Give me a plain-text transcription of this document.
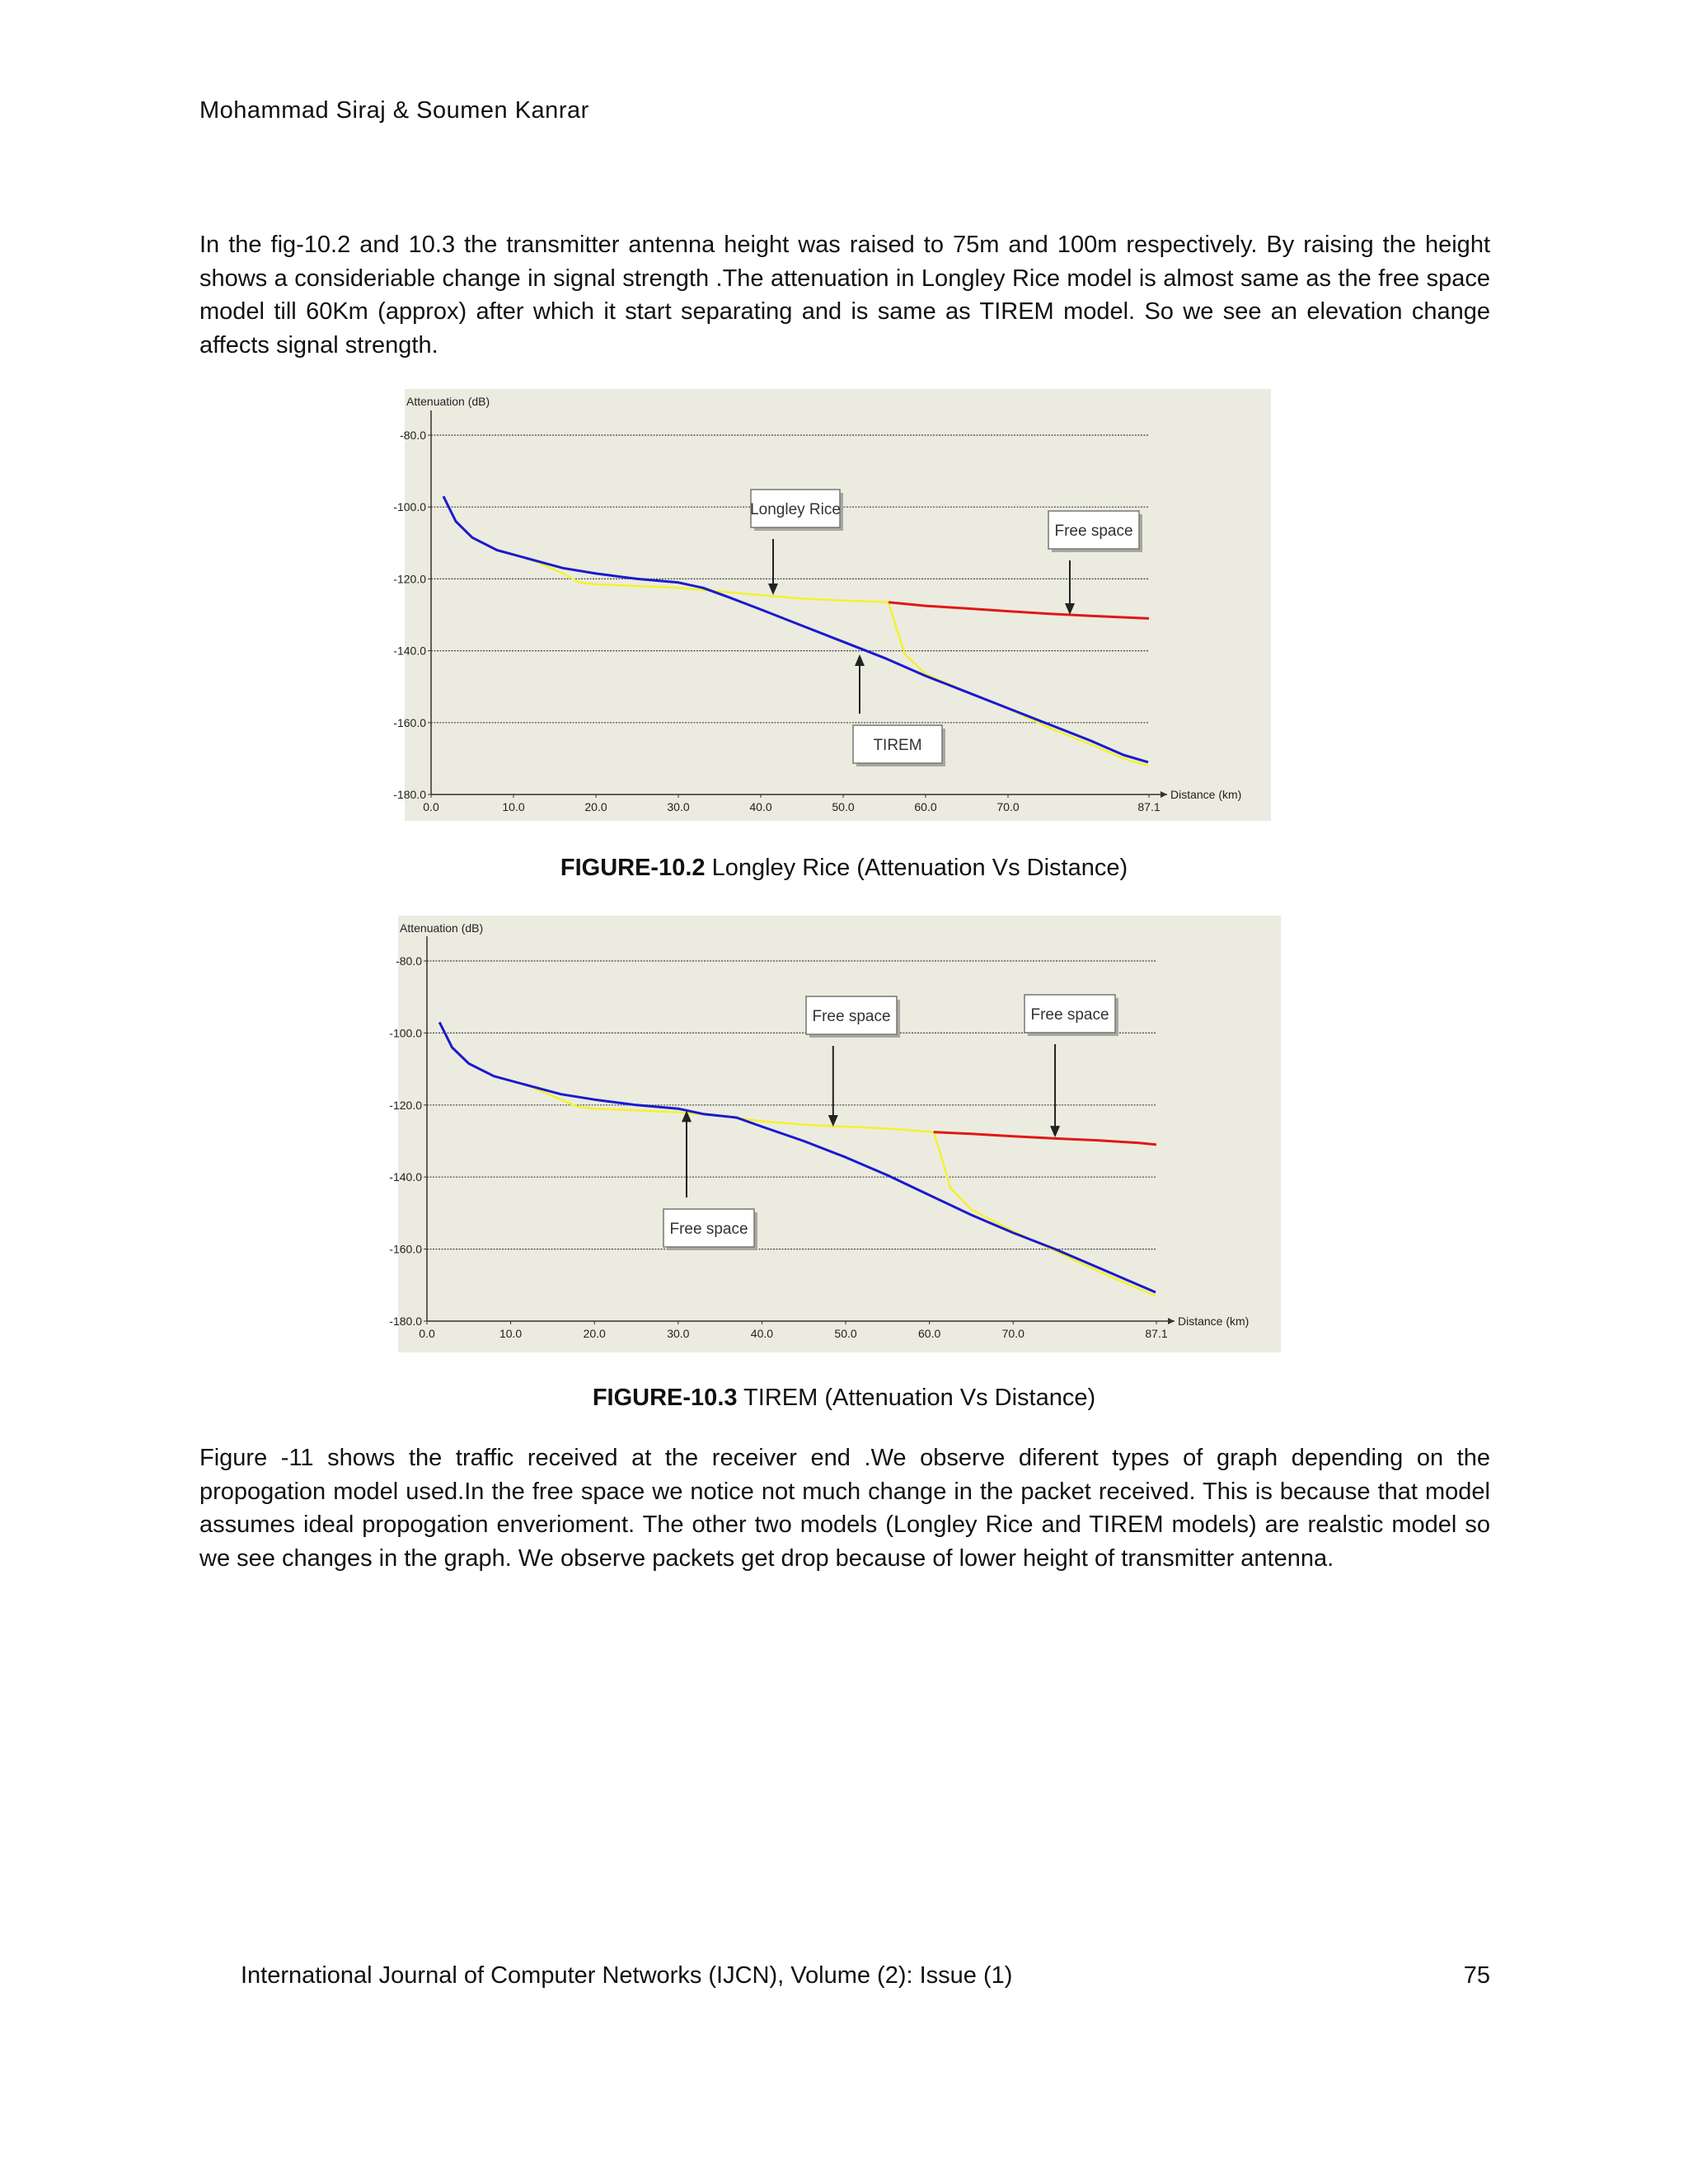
Mohammad Siraj & Soumen Kanrar
In the fig-10.2 and 10.3 the transmitter antenna height was raised to 75m and 100m respectively. By raising the height shows a consideriable change in signal strength .The attenuation in Longley Rice model is almost same as the free space model till 60Km (approx) after which it start separating and is same as TIREM model. So we see an elevation change affects signal strength.
-80.0
-100.0
-120.0
-140.0
-160.0
-180.0
Attenuation (dB)
Distance (km)
0.0	10.0	20.0	30.0	40.0	50.0	60.0	70.0	87.1
Longley Rice
Free space
TIREM
FIGURE-10.2 Longley Rice (Attenuation Vs Distance)
-80.0
-100.0
-120.0
-140.0
-160.0
-180.0
Attenuation (dB)
Distance (km)
0.0	10.0	20.0	30.0	40.0	50.0	60.0	70.0	87.1
Free space	Free space
Free space
FIGURE-10.3 TIREM (Attenuation Vs Distance)
Figure -11 shows the traffic received at the receiver end .We observe diferent types of graph depending on the propogation model used.In the free space we notice not much change in the packet received. This is because that model assumes ideal propogation enverioment. The other two models (Longley Rice and TIREM models) are realstic model so we see changes in the graph. We observe packets get drop because of lower height of transmitter antenna.
International Journal of Computer Networks (IJCN), Volume (2): Issue (1)	75
